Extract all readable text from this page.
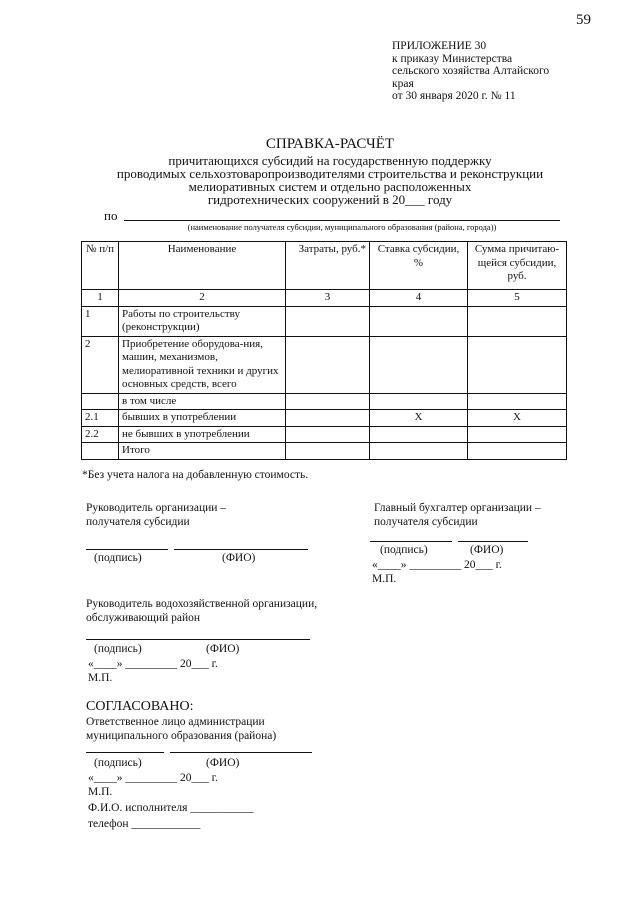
59
ПРИЛОЖЕНИЕ 30
к приказу Министерства
сельского хозяйства Алтайского
края
от 30 января 2020 г. № 11
СПРАВКА-РАСЧЁТ
причитающихся субсидий на государственную поддержку
проводимых сельхозтоваропроизводителями строительства и реконструкции
мелиоративных систем и отдельно расположенных
гидротехнических сооружений в 20___ году
по
(наименование получателя субсидии, муниципального образования (района, города))
№ п/п	Наименование	Затраты, руб.*	Ставка субсидии, %	Сумма причитаю-щейся субсидии, руб.
1	2	3	4	5
1	Работы по строительству (реконструкции)			
2	Приобретение оборудова-ния, машин, механизмов, мелиоративной техники и других основных средств, всего			
	в том числе			
2.1	бывших в употреблении		X	X
2.2	не бывших в употреблении			
	Итого			
*Без учета налога на добавленную стоимость.
Руководитель организации –
получателя субсидии
(подпись)	(ФИО)
Главный бухгалтер организации –
получателя субсидии
(подпись)	(ФИО)
«____» _________ 20___ г.
М.П.
Руководитель водохозяйственной организации,
обслуживающий район
(подпись)	(ФИО)
«____» _________ 20___ г.
М.П.
СОГЛАСОВАНО:
Ответственное лицо администрации
муниципального образования (района)
(подпись)	(ФИО)
«____» _________ 20___ г.
М.П.
Ф.И.О. исполнителя ___________
телефон ____________
